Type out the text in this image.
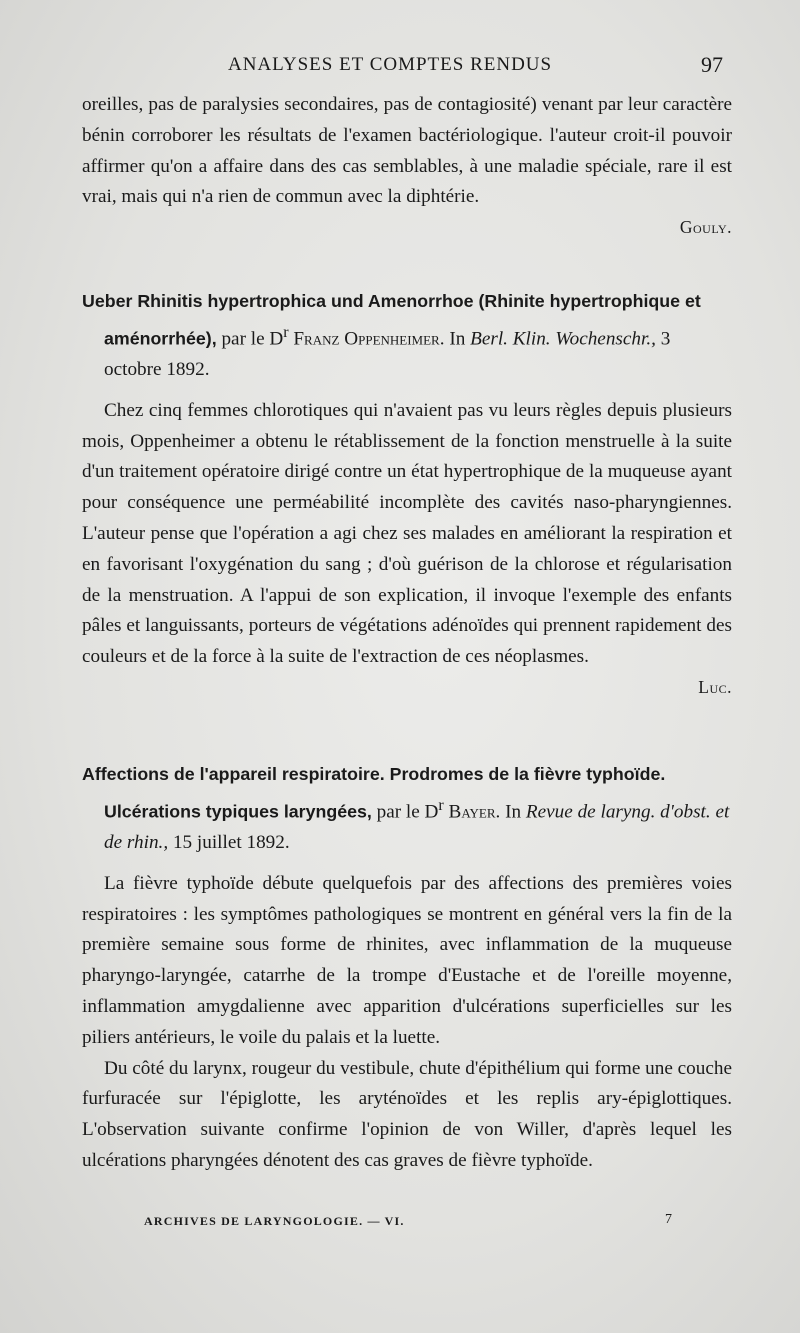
ANALYSES ET COMPTES RENDUS	97

oreilles, pas de paralysies secondaires, pas de contagiosité) venant par leur caractère bénin corroborer les résultats de l'examen bactériologique. l'auteur croit-il pouvoir affirmer qu'on a affaire dans des cas semblables, à une maladie spéciale, rare il est vrai, mais qui n'a rien de commun avec la diphtérie.

Gouly.

Ueber Rhinitis hypertrophica und Amenorrhoe (Rhinite hypertrophique et aménorrhée), par le $D^r$ Franz Oppenheimer. In Berl. Klin. Wochenschr., 3 octobre 1892.

Chez cinq femmes chlorotiques qui n'avaient pas vu leurs règles depuis plusieurs mois, Oppenheimer a obtenu le rétablissement de la fonction menstruelle à la suite d'un traitement opératoire dirigé contre un état hypertrophique de la muqueuse ayant pour conséquence une perméabilité incomplète des cavités naso-pharyngiennes. L'auteur pense que l'opération a agi chez ses malades en améliorant la respiration et en favorisant l'oxygénation du sang ; d'où guérison de la chlorose et régularisation de la menstruation. A l'appui de son explication, il invoque l'exemple des enfants pâles et languissants, porteurs de végétations adénoïdes qui prennent rapidement des couleurs et de la force à la suite de l'extraction de ces néoplasmes.

Luc.

Affections de l'appareil respiratoire. Prodromes de la fièvre typhoïde. Ulcérations typiques laryngées, par le $D^r$ Bayer. In Revue de laryng. d'obst. et de rhin., 15 juillet 1892.

La fièvre typhoïde débute quelquefois par des affections des premières voies respiratoires : les symptômes pathologiques se montrent en général vers la fin de la première semaine sous forme de rhinites, avec inflammation de la muqueuse pharyngo-laryngée, catarrhe de la trompe d'Eustache et de l'oreille moyenne, inflammation amygdalienne avec apparition d'ulcérations superficielles sur les piliers antérieurs, le voile du palais et la luette.

Du côté du larynx, rougeur du vestibule, chute d'épithélium qui forme une couche furfuracée sur l'épiglotte, les aryténoïdes et les replis ary-épiglottiques. L'observation suivante confirme l'opinion de von Willer, d'après lequel les ulcérations pharyngées dénotent des cas graves de fièvre typhoïde.

ARCHIVES DE LARYNGOLOGIE. — VI.	7
